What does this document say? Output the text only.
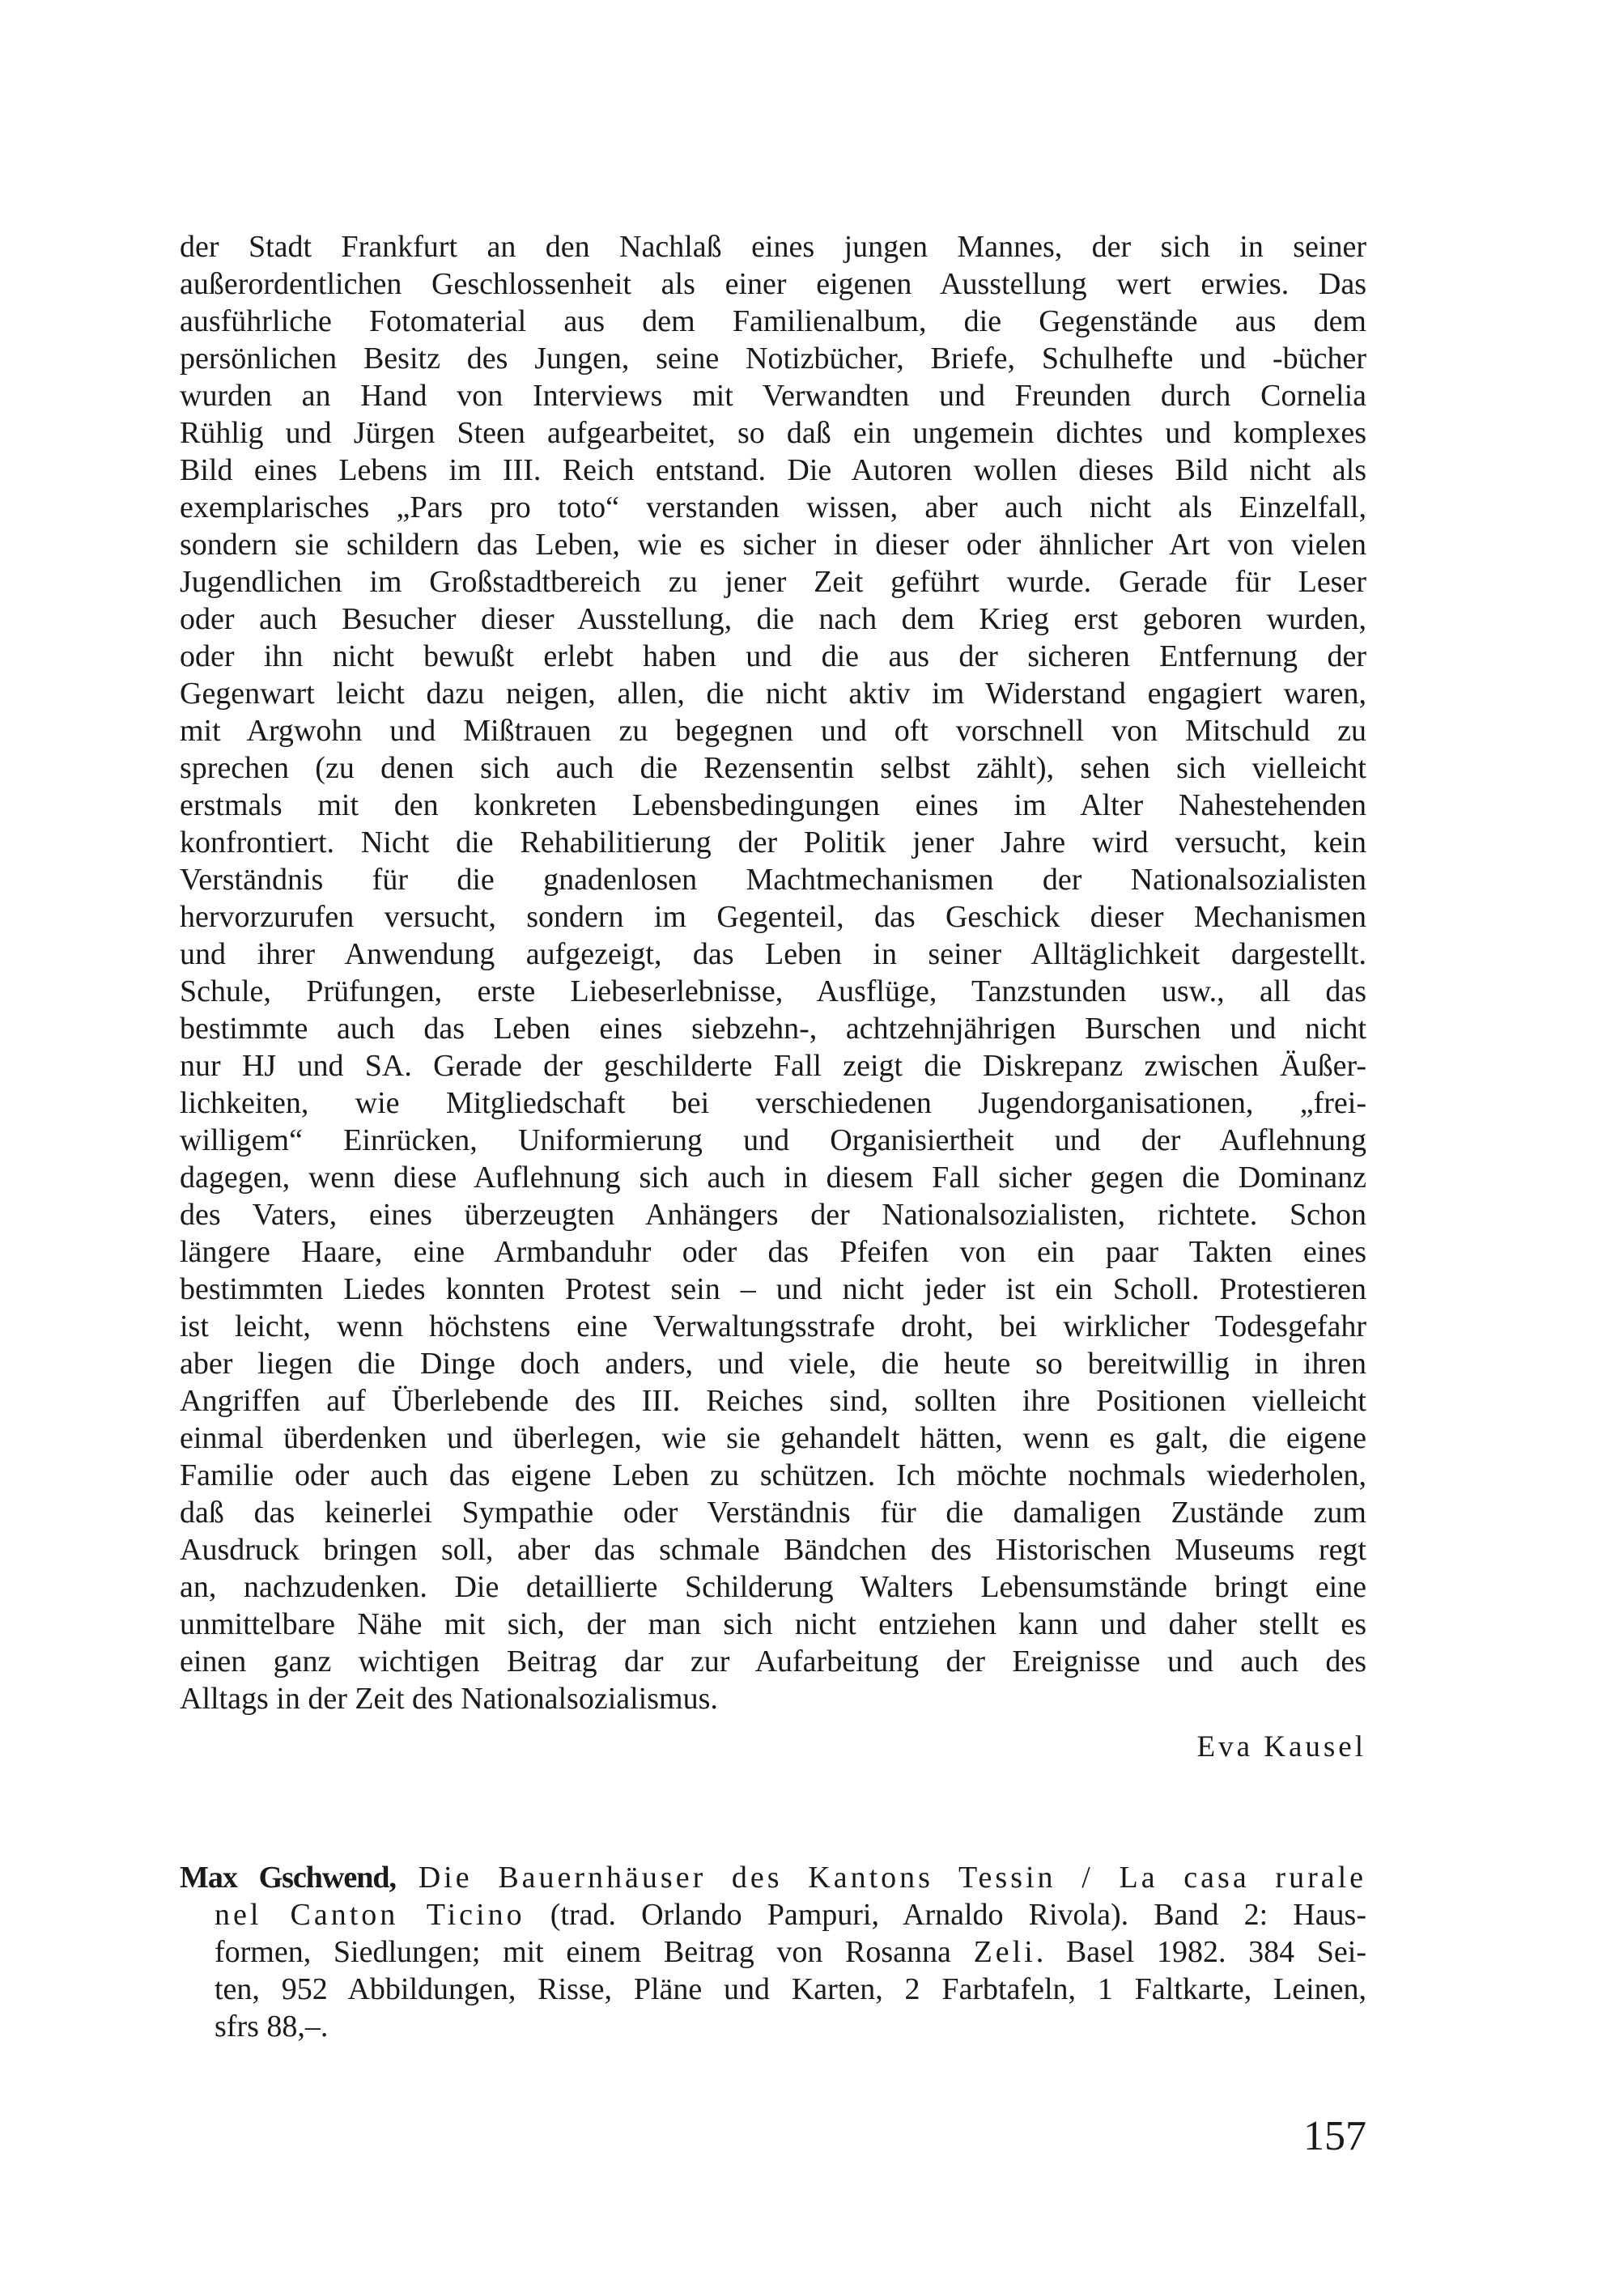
der Stadt Frankfurt an den Nachlaß eines jungen Mannes, der sich in seiner
außerordentlichen Geschlossenheit als einer eigenen Ausstellung wert erwies. Das
ausführliche Fotomaterial aus dem Familienalbum, die Gegenstände aus dem
persönlichen Besitz des Jungen, seine Notizbücher, Briefe, Schulhefte und -bücher
wurden an Hand von Interviews mit Verwandten und Freunden durch Cornelia
Rühlig und Jürgen Steen aufgearbeitet, so daß ein ungemein dichtes und komplexes
Bild eines Lebens im III. Reich entstand. Die Autoren wollen dieses Bild nicht als
exemplarisches „Pars pro toto“ verstanden wissen, aber auch nicht als Einzelfall,
sondern sie schildern das Leben, wie es sicher in dieser oder ähnlicher Art von vielen
Jugendlichen im Großstadtbereich zu jener Zeit geführt wurde. Gerade für Leser
oder auch Besucher dieser Ausstellung, die nach dem Krieg erst geboren wurden,
oder ihn nicht bewußt erlebt haben und die aus der sicheren Entfernung der
Gegenwart leicht dazu neigen, allen, die nicht aktiv im Widerstand engagiert waren,
mit Argwohn und Mißtrauen zu begegnen und oft vorschnell von Mitschuld zu
sprechen (zu denen sich auch die Rezensentin selbst zählt), sehen sich vielleicht
erstmals mit den konkreten Lebensbedingungen eines im Alter Nahestehenden
konfrontiert. Nicht die Rehabilitierung der Politik jener Jahre wird versucht, kein
Verständnis für die gnadenlosen Machtmechanismen der Nationalsozialisten
hervorzurufen versucht, sondern im Gegenteil, das Geschick dieser Mechanismen
und ihrer Anwendung aufgezeigt, das Leben in seiner Alltäglichkeit dargestellt.
Schule, Prüfungen, erste Liebeserlebnisse, Ausflüge, Tanzstunden usw., all das
bestimmte auch das Leben eines siebzehn-, achtzehnjährigen Burschen und nicht
nur HJ und SA. Gerade der geschilderte Fall zeigt die Diskrepanz zwischen Äußer-
lichkeiten, wie Mitgliedschaft bei verschiedenen Jugendorganisationen, „frei-
willigem“ Einrücken, Uniformierung und Organisiertheit und der Auflehnung
dagegen, wenn diese Auflehnung sich auch in diesem Fall sicher gegen die Dominanz
des Vaters, eines überzeugten Anhängers der Nationalsozialisten, richtete. Schon
längere Haare, eine Armbanduhr oder das Pfeifen von ein paar Takten eines
bestimmten Liedes konnten Protest sein – und nicht jeder ist ein Scholl. Protestieren
ist leicht, wenn höchstens eine Verwaltungsstrafe droht, bei wirklicher Todesgefahr
aber liegen die Dinge doch anders, und viele, die heute so bereitwillig in ihren
Angriffen auf Überlebende des III. Reiches sind, sollten ihre Positionen vielleicht
einmal überdenken und überlegen, wie sie gehandelt hätten, wenn es galt, die eigene
Familie oder auch das eigene Leben zu schützen. Ich möchte nochmals wiederholen,
daß das keinerlei Sympathie oder Verständnis für die damaligen Zustände zum
Ausdruck bringen soll, aber das schmale Bändchen des Historischen Museums regt
an, nachzudenken. Die detaillierte Schilderung Walters Lebensumstände bringt eine
unmittelbare Nähe mit sich, der man sich nicht entziehen kann und daher stellt es
einen ganz wichtigen Beitrag dar zur Aufarbeitung der Ereignisse und auch des
Alltags in der Zeit des Nationalsozialismus.
Eva Kausel
Max Gschwend, Die Bauernhäuser des Kantons Tessin / La casa rurale
nel Canton Ticino (trad. Orlando Pampuri, Arnaldo Rivola). Band 2: Haus-
formen, Siedlungen; mit einem Beitrag von Rosanna Zeli. Basel 1982. 384 Sei-
ten, 952 Abbildungen, Risse, Pläne und Karten, 2 Farbtafeln, 1 Faltkarte, Leinen,
sfrs 88,–.
157
